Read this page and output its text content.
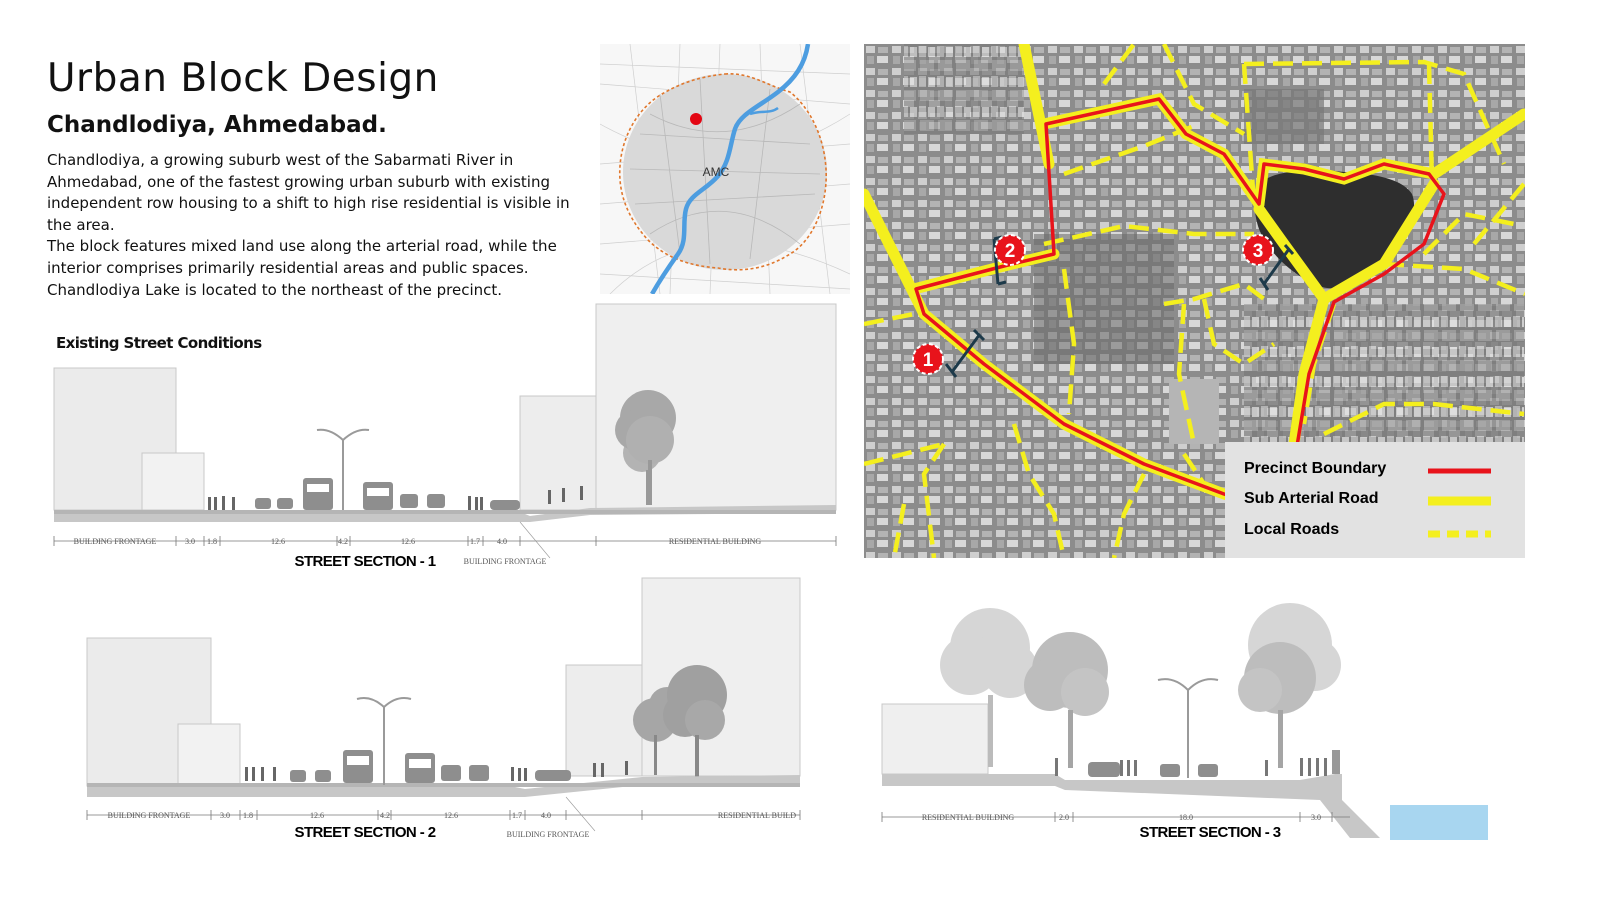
Urban Block Design
Chandlodiya, Ahmedabad.

Chandlodiya, a growing suburb west of the Sabarmati River in Ahmedabad, one of the fastest growing urban suburb with existing independent row housing to a shift to high rise residential is visible in the area.

The block features mixed land use along the arterial road, while the interior comprises primarily residential areas and public spaces. Chandlodiya Lake is located to the northeast of the precinct.

Existing Street Conditions
AMC
1
2	3
Precinct Boundary
Sub Arterial Road
Local Roads
BUILDING FRONTAGE	3.0 1.8	12.6	4.2	12.6	1.7 4.0	RESIDENTIAL BUILDING
BUILDING FRONTAGE
STREET SECTION - 1
BUILDING FRONTAGE	3.0 1.8	12.6	4.2	12.6	1.7 4.0	RESIDENTIAL BUILD
BUILDING FRONTAGE
STREET SECTION - 2
RESIDENTIAL BUILDING	2.0	18.0	3.0
STREET SECTION - 3
